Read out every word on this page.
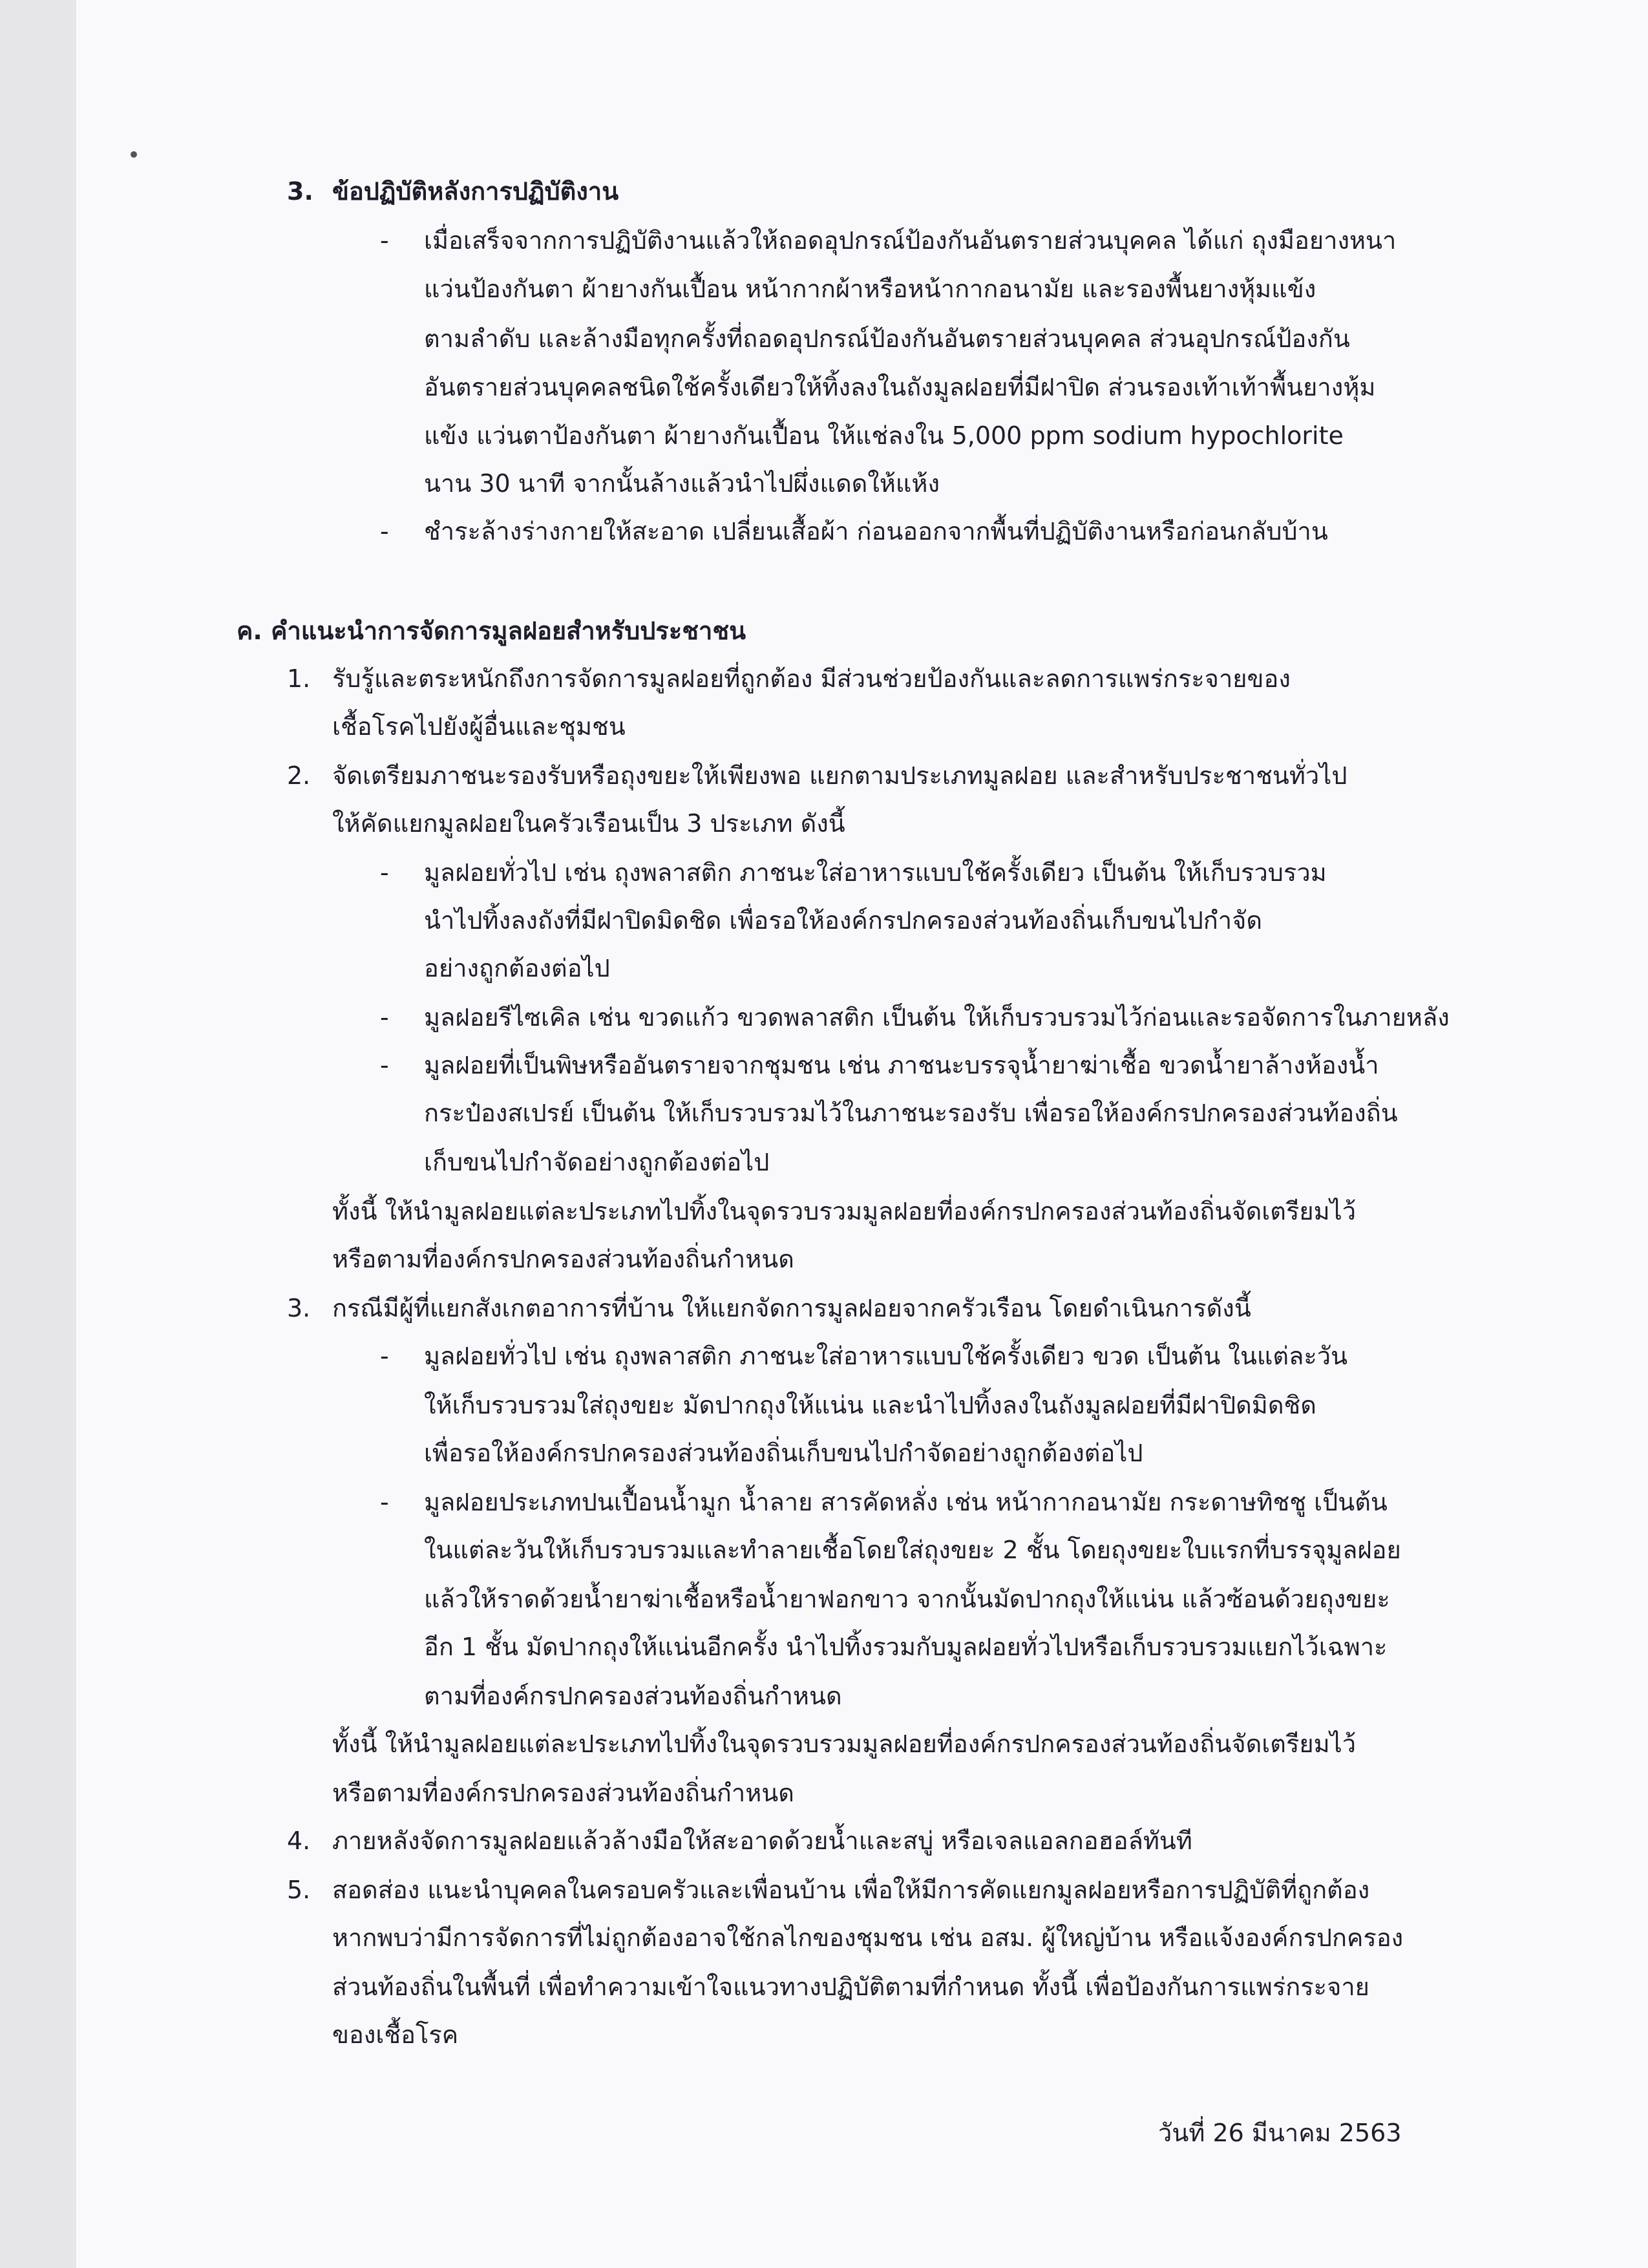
3. ข้อปฏิบัติหลังการปฏิบัติงาน
- เมื่อเสร็จจากการปฏิบัติงานแล้วให้ถอดอุปกรณ์ป้องกันอันตรายส่วนบุคคล ได้แก่ ถุงมือยางหนา
แว่นป้องกันตา ผ้ายางกันเปื้อน หน้ากากผ้าหรือหน้ากากอนามัย และรองพื้นยางหุ้มแข้ง
ตามลำดับ และล้างมือทุกครั้งที่ถอดอุปกรณ์ป้องกันอันตรายส่วนบุคคล ส่วนอุปกรณ์ป้องกัน
อันตรายส่วนบุคคลชนิดใช้ครั้งเดียวให้ทิ้งลงในถังมูลฝอยที่มีฝาปิด ส่วนรองเท้าเท้าพื้นยางหุ้ม
แข้ง แว่นตาป้องกันตา ผ้ายางกันเปื้อน ให้แช่ลงใน 5,000 ppm sodium hypochlorite
นาน 30 นาที จากนั้นล้างแล้วนำไปผึ่งแดดให้แห้ง
- ชำระล้างร่างกายให้สะอาด เปลี่ยนเสื้อผ้า ก่อนออกจากพื้นที่ปฏิบัติงานหรือก่อนกลับบ้าน
ค. คำแนะนำการจัดการมูลฝอยสำหรับประชาชน
1. รับรู้และตระหนักถึงการจัดการมูลฝอยที่ถูกต้อง มีส่วนช่วยป้องกันและลดการแพร่กระจายของ
เชื้อโรคไปยังผู้อื่นและชุมชน
2. จัดเตรียมภาชนะรองรับหรือถุงขยะให้เพียงพอ แยกตามประเภทมูลฝอย และสำหรับประชาชนทั่วไป
ให้คัดแยกมูลฝอยในครัวเรือนเป็น 3 ประเภท ดังนี้
- มูลฝอยทั่วไป เช่น ถุงพลาสติก ภาชนะใส่อาหารแบบใช้ครั้งเดียว เป็นต้น ให้เก็บรวบรวม
นำไปทิ้งลงถังที่มีฝาปิดมิดชิด เพื่อรอให้องค์กรปกครองส่วนท้องถิ่นเก็บขนไปกำจัด
อย่างถูกต้องต่อไป
- มูลฝอยรีไซเคิล เช่น ขวดแก้ว ขวดพลาสติก เป็นต้น ให้เก็บรวบรวมไว้ก่อนและรอจัดการในภายหลัง
- มูลฝอยที่เป็นพิษหรืออันตรายจากชุมชน เช่น ภาชนะบรรจุน้ำยาฆ่าเชื้อ ขวดน้ำยาล้างห้องน้ำ
กระป๋องสเปรย์ เป็นต้น ให้เก็บรวบรวมไว้ในภาชนะรองรับ เพื่อรอให้องค์กรปกครองส่วนท้องถิ่น
เก็บขนไปกำจัดอย่างถูกต้องต่อไป
ทั้งนี้ ให้นำมูลฝอยแต่ละประเภทไปทิ้งในจุดรวบรวมมูลฝอยที่องค์กรปกครองส่วนท้องถิ่นจัดเตรียมไว้
หรือตามที่องค์กรปกครองส่วนท้องถิ่นกำหนด
3. กรณีมีผู้ที่แยกสังเกตอาการที่บ้าน ให้แยกจัดการมูลฝอยจากครัวเรือน โดยดำเนินการดังนี้
- มูลฝอยทั่วไป เช่น ถุงพลาสติก ภาชนะใส่อาหารแบบใช้ครั้งเดียว ขวด เป็นต้น ในแต่ละวัน
ให้เก็บรวบรวมใส่ถุงขยะ มัดปากถุงให้แน่น และนำไปทิ้งลงในถังมูลฝอยที่มีฝาปิดมิดชิด
เพื่อรอให้องค์กรปกครองส่วนท้องถิ่นเก็บขนไปกำจัดอย่างถูกต้องต่อไป
- มูลฝอยประเภทปนเปื้อนน้ำมูก น้ำลาย สารคัดหลั่ง เช่น หน้ากากอนามัย กระดาษทิชชู เป็นต้น
ในแต่ละวันให้เก็บรวบรวมและทำลายเชื้อโดยใส่ถุงขยะ 2 ชั้น โดยถุงขยะใบแรกที่บรรจุมูลฝอย
แล้วให้ราดด้วยน้ำยาฆ่าเชื้อหรือน้ำยาฟอกขาว จากนั้นมัดปากถุงให้แน่น แล้วซ้อนด้วยถุงขยะ
อีก 1 ชั้น มัดปากถุงให้แน่นอีกครั้ง นำไปทิ้งรวมกับมูลฝอยทั่วไปหรือเก็บรวบรวมแยกไว้เฉพาะ
ตามที่องค์กรปกครองส่วนท้องถิ่นกำหนด
ทั้งนี้ ให้นำมูลฝอยแต่ละประเภทไปทิ้งในจุดรวบรวมมูลฝอยที่องค์กรปกครองส่วนท้องถิ่นจัดเตรียมไว้
หรือตามที่องค์กรปกครองส่วนท้องถิ่นกำหนด
4. ภายหลังจัดการมูลฝอยแล้วล้างมือให้สะอาดด้วยน้ำและสบู่ หรือเจลแอลกอฮอล์ทันที
5. สอดส่อง แนะนำบุคคลในครอบครัวและเพื่อนบ้าน เพื่อให้มีการคัดแยกมูลฝอยหรือการปฏิบัติที่ถูกต้อง
หากพบว่ามีการจัดการที่ไม่ถูกต้องอาจใช้กลไกของชุมชน เช่น อสม. ผู้ใหญ่บ้าน หรือแจ้งองค์กรปกครอง
ส่วนท้องถิ่นในพื้นที่ เพื่อทำความเข้าใจแนวทางปฏิบัติตามที่กำหนด ทั้งนี้ เพื่อป้องกันการแพร่กระจาย
ของเชื้อโรค
วันที่ 26 มีนาคม 2563
